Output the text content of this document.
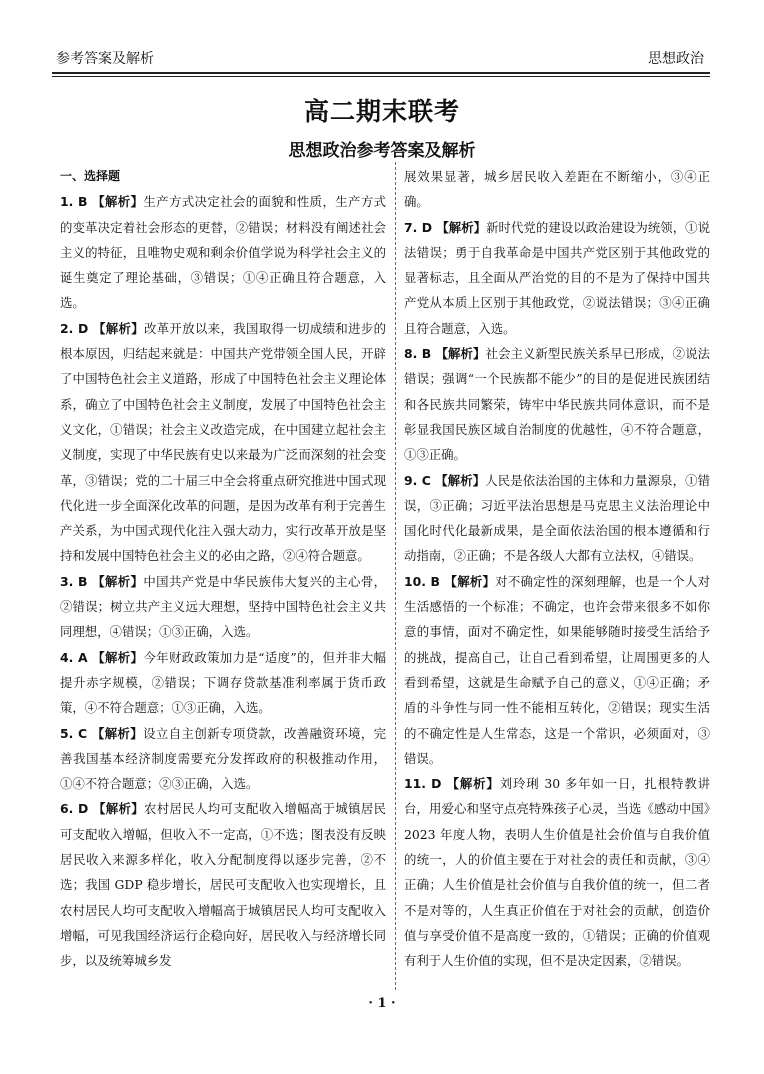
参考答案及解析	思想政治
高二期末联考
思想政治参考答案及解析
一、选择题
1. B 【解析】生产方式决定社会的面貌和性质，生产方式的变革决定着社会形态的更替，②错误；材料没有阐述社会主义的特征，且唯物史观和剩余价值学说为科学社会主义的诞生奠定了理论基础，③错误；①④正确且符合题意，入选。
2. D 【解析】改革开放以来，我国取得一切成绩和进步的根本原因，归结起来就是：中国共产党带领全国人民，开辟了中国特色社会主义道路，形成了中国特色社会主义理论体系，确立了中国特色社会主义制度，发展了中国特色社会主义文化，①错误；社会主义改造完成，在中国建立起社会主义制度，实现了中华民族有史以来最为广泛而深刻的社会变革，③错误；党的二十届三中全会将重点研究推进中国式现代化进一步全面深化改革的问题，是因为改革有利于完善生产关系，为中国式现代化注入强大动力，实行改革开放是坚持和发展中国特色社会主义的必由之路，②④符合题意。
3. B 【解析】中国共产党是中华民族伟大复兴的主心骨，②错误；树立共产主义远大理想，坚持中国特色社会主义共同理想，④错误；①③正确，入选。
4. A 【解析】今年财政政策加力是“适度”的，但并非大幅提升赤字规模，②错误；下调存贷款基准利率属于货币政策，④不符合题意；①③正确，入选。
5. C 【解析】设立自主创新专项贷款，改善融资环境，完善我国基本经济制度需要充分发挥政府的积极推动作用，①④不符合题意；②③正确，入选。
6. D 【解析】农村居民人均可支配收入增幅高于城镇居民可支配收入增幅，但收入不一定高，①不选；图表没有反映居民收入来源多样化，收入分配制度得以逐步完善，②不选；我国 GDP 稳步增长，居民可支配收入也实现增长，且农村居民人均可支配收入增幅高于城镇居民人均可支配收入增幅，可见我国经济运行企稳向好，居民收入与经济增长同步，以及统筹城乡发
展效果显著，城乡居民收入差距在不断缩小，③④正确。
7. D 【解析】新时代党的建设以政治建设为统领，①说法错误；勇于自我革命是中国共产党区别于其他政党的显著标志，且全面从严治党的目的不是为了保持中国共产党从本质上区别于其他政党，②说法错误；③④正确且符合题意，入选。
8. B 【解析】社会主义新型民族关系早已形成，②说法错误；强调“一个民族都不能少”的目的是促进民族团结和各民族共同繁荣，铸牢中华民族共同体意识，而不是彰显我国民族区域自治制度的优越性，④不符合题意，①③正确。
9. C 【解析】人民是依法治国的主体和力量源泉，①错误，③正确；习近平法治思想是马克思主义法治理论中国化时代化最新成果，是全面依法治国的根本遵循和行动指南，②正确；不是各级人大都有立法权，④错误。
10. B 【解析】对不确定性的深刻理解，也是一个人对生活感悟的一个标准；不确定，也许会带来很多不如你意的事情，面对不确定性，如果能够随时接受生活给予的挑战，提高自己，让自己看到希望，让周围更多的人看到希望，这就是生命赋予自己的意义，①④正确；矛盾的斗争性与同一性不能相互转化，②错误；现实生活的不确定性是人生常态，这是一个常识，必须面对，③错误。
11. D 【解析】刘玲琍 30 多年如一日，扎根特教讲台，用爱心和坚守点亮特殊孩子心灵，当选《感动中国》2023 年度人物，表明人生价值是社会价值与自我价值的统一，人的价值主要在于对社会的责任和贡献，③④正确；人生价值是社会价值与自我价值的统一，但二者不是对等的，人生真正价值在于对社会的贡献，创造价值与享受价值不是高度一致的，①错误；正确的价值观有利于人生价值的实现，但不是决定因素，②错误。
· 1 ·
